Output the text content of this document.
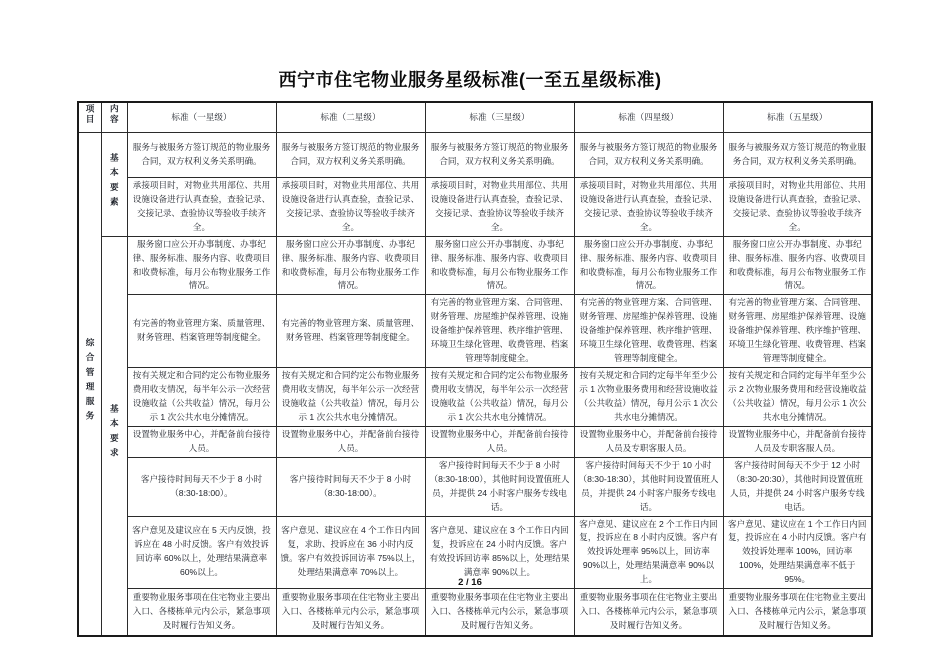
西宁市住宅物业服务星级标准(一至五星级标准)
项目	内容	标准（一星级）	标准（二星级）	标准（三星级）	标准（四星级）	标准（五星级）
综合管理服务	基本要素	服务与被服务方签订规范的物业服务合同，双方权利义务关系明确。	服务与被服务方签订规范的物业服务合同，双方权利义务关系明确。	服务与被服务方签订规范的物业服务合同，双方权利义务关系明确。	服务与被服务方签订规范的物业服务合同，双方权利义务关系明确。	服务与被服务双方签订规范的物业服务合同，双方权利义务关系明确。
		承接项目时，对物业共用部位、共用设施设备进行认真查验，查验记录、交接记录、查验协议等验收手续齐全。	承接项目时，对物业共用部位、共用设施设备进行认真查验，查验记录、交接记录、查验协议等验收手续齐全。	承接项目时，对物业共用部位、共用设施设备进行认真查验，查验记录、交接记录、查验协议等验收手续齐全。	承接项目时，对物业共用部位、共用设施设备进行认真查验，查验记录、交接记录、查验协议等验收手续齐全。	承接项目时，对物业共用部位、共用设施设备进行认真查验，查验记录、交接记录、查验协议等验收手续齐全。
	基本要求	服务窗口应公开办事制度、办事纪律、服务标准、服务内容、收费项目和收费标准，每月公布物业服务工作情况。	服务窗口应公开办事制度、办事纪律、服务标准、服务内容、收费项目和收费标准，每月公布物业服务工作情况。	服务窗口应公开办事制度、办事纪律、服务标准、服务内容、收费项目和收费标准，每月公布物业服务工作情况。	服务窗口应公开办事制度、办事纪律、服务标准、服务内容、收费项目和收费标准，每月公布物业服务工作情况。	服务窗口应公开办事制度、办事纪律、服务标准、服务内容、收费项目和收费标准，每月公布物业服务工作情况。
		有完善的物业管理方案、质量管理、财务管理、档案管理等制度健全。	有完善的物业管理方案、质量管理、财务管理、档案管理等制度健全。	有完善的物业管理方案、合同管理、财务管理、房屋维护保养管理、设施设备维护保养管理、秩序维护管理、环境卫生绿化管理、收费管理、档案管理等制度健全。	有完善的物业管理方案、合同管理、财务管理、房屋维护保养管理、设施设备维护保养管理、秩序维护管理、环境卫生绿化管理、收费管理、档案管理等制度健全。	有完善的物业管理方案、合同管理、财务管理、房屋维护保养管理、设施设备维护保养管理、秩序维护管理、环境卫生绿化管理、收费管理、档案管理等制度健全。
		按有关规定和合同约定公布物业服务费用收支情况，每半年公示一次经营设施收益（公共收益）情况，每月公示 1 次公共水电分摊情况。	按有关规定和合同约定公布物业服务费用收支情况，每半年公示一次经营设施收益（公共收益）情况，每月公示 1 次公共水电分摊情况。	按有关规定和合同约定公布物业服务费用收支情况，每半年公示一次经营设施收益（公共收益）情况，每月公示 1 次公共水电分摊情况。	按有关规定和合同约定每半年至少公示 1 次物业服务费用和经营设施收益（公共收益）情况，每月公示 1 次公共水电分摊情况。	按有关规定和合同约定每半年至少公示 2 次物业服务费用和经营设施收益（公共收益）情况，每月公示 1 次公共水电分摊情况。
		设置物业服务中心，并配备前台接待人员。	设置物业服务中心，并配备前台接待人员。	设置物业服务中心，并配备前台接待人员。	设置物业服务中心，并配备前台接待人员及专职客服人员。	设置物业服务中心，并配备前台接待人员及专职客服人员。
		客户接待时间每天不少于 8 小时（8:30-18:00）。	客户接待时间每天不少于 8 小时（8:30-18:00）。	客户接待时间每天不少于 8 小时（8:30-18:00），其他时间设置值班人员，并提供 24 小时客户服务专线电话。	客户接待时间每天不少于 10 小时（8:30-18:30），其他时间设置值班人员，并提供 24 小时客户服务专线电话。	客户接待时间每天不少于 12 小时（8:30-20:30），其他时间设置值班人员，并提供 24 小时客户服务专线电话。
		客户意见及建议应在 5 天内反馈，投诉应在 48 小时反馈。客户有效投诉回访率 60%以上，处理结果满意率 60%以上。	客户意见、建议应在 4 个工作日内回复，求助、投诉应在 36 小时内反馈。客户有效投诉回访率 75%以上，处理结果满意率 70%以上。	客户意见、建议应在 3 个工作日内回复，投诉应在 24 小时内反馈。客户有效投诉回访率 85%以上，处理结果满意率 90%以上。	客户意见、建议应在 2 个工作日内回复，投诉应在 8 小时内反馈。客户有效投诉处理率 95%以上，回访率 90%以上，处理结果满意率 90%以上。	客户意见、建议应在 1 个工作日内回复，投诉应在 4 小时内反馈。客户有效投诉处理率 100%，回访率 100%，处理结果满意率不低于 95%。
		重要物业服务事项在住宅物业主要出入口、各楼栋单元内公示，紧急事项及时履行告知义务。	重要物业服务事项在住宅物业主要出入口、各楼栋单元内公示，紧急事项及时履行告知义务。	重要物业服务事项在住宅物业主要出入口、各楼栋单元内公示，紧急事项及时履行告知义务。	重要物业服务事项在住宅物业主要出入口、各楼栋单元内公示，紧急事项及时履行告知义务。	重要物业服务事项在住宅物业主要出入口、各楼栋单元内公示，紧急事项及时履行告知义务。
2 / 16
